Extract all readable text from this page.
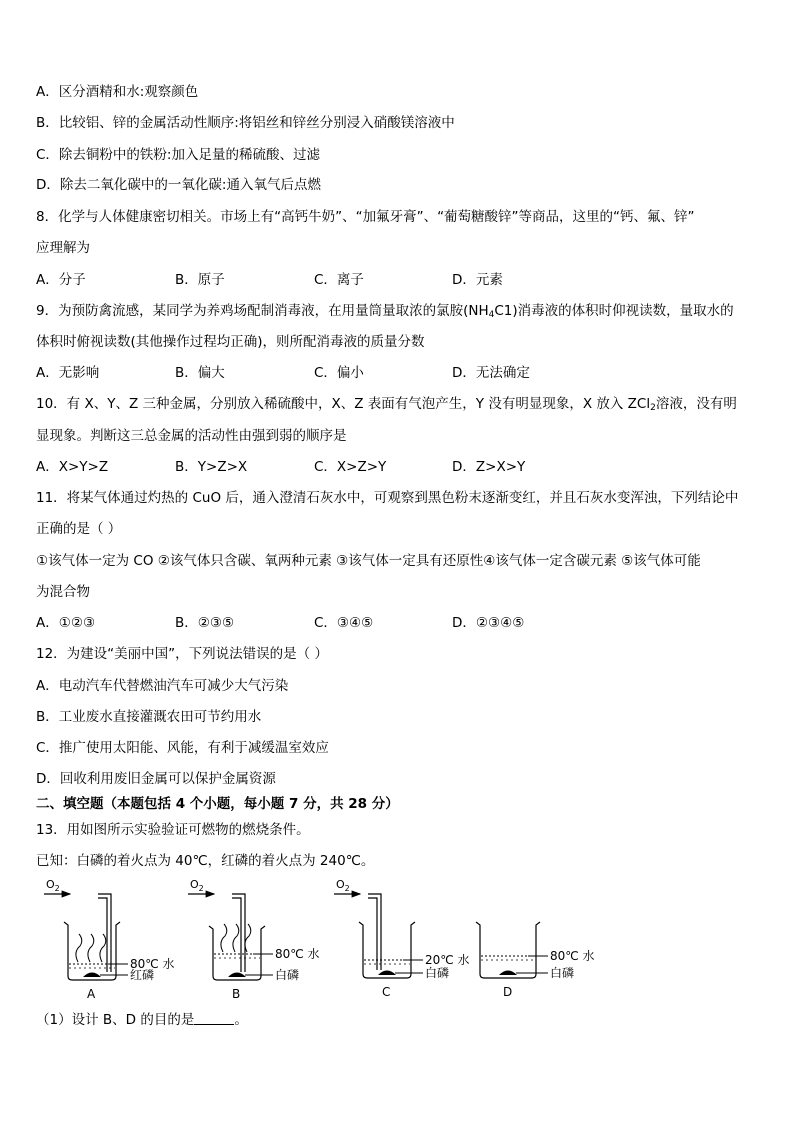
A．区分酒精和水:观察颜色
B．比较铝、锌的金属活动性顺序:将铝丝和锌丝分别浸入硝酸镁溶液中
C．除去铜粉中的铁粉:加入足量的稀硫酸、过滤
D．除去二氧化碳中的一氧化碳:通入氧气后点燃
8．化学与人体健康密切相关。市场上有“高钙牛奶”、“加氟牙膏”、“葡萄糖酸锌”等商品，这里的“钙、氟、锌”
应理解为
A．分子	B．原子	C．离子	D．元素
9．为预防禽流感，某同学为养鸡场配制消毒液，在用量筒量取浓的氯胺$(NH_4C1)$消毒液的体积时仰视读数，量取水的
体积时俯视读数(其他操作过程均正确)，则所配消毒液的质量分数
A．无影响	B．偏大	C．偏小	D．无法确定
10．有 X、Y、Z 三种金属，分别放入稀硫酸中，X、Z 表面有气泡产生，Y 没有明显现象，X 放入 ZCl$_2$溶液，没有明
显现象。判断这三总金属的活动性由强到弱的顺序是
A．X>Y>Z	B．Y>Z>X	C．X>Z>Y	D．Z>X>Y
11．将某气体通过灼热的 CuO 后，通入澄清石灰水中，可观察到黑色粉末逐渐变红，并且石灰水变浑浊，下列结论中
正确的是（ ）
①该气体一定为 CO ②该气体只含碳、氧两种元素 ③该气体一定具有还原性④该气体一定含碳元素 ⑤该气体可能
为混合物
A．①②③	B．②③⑤	C．③④⑤	D．②③④⑤
12．为建设“美丽中国”，下列说法错误的是（ ）
A．电动汽车代替燃油汽车可减少大气污染
B．工业废水直接灌溉农田可节约用水
C．推广使用太阳能、风能，有利于减缓温室效应
D．回收利用废旧金属可以保护金属资源
二、填空题（本题包括 4 个小题，每小题 7 分，共 28 分）
13．用如图所示实验验证可燃物的燃烧条件。
已知：白磷的着火点为 40℃，红磷的着火点为 240℃。
$O_2$
80℃ 水
红磷
A
$O_2$
80℃ 水
白磷
B
$O_2$
20℃ 水
白磷
C
80℃ 水
白磷
D
（1）设计 B、D 的目的是	。
